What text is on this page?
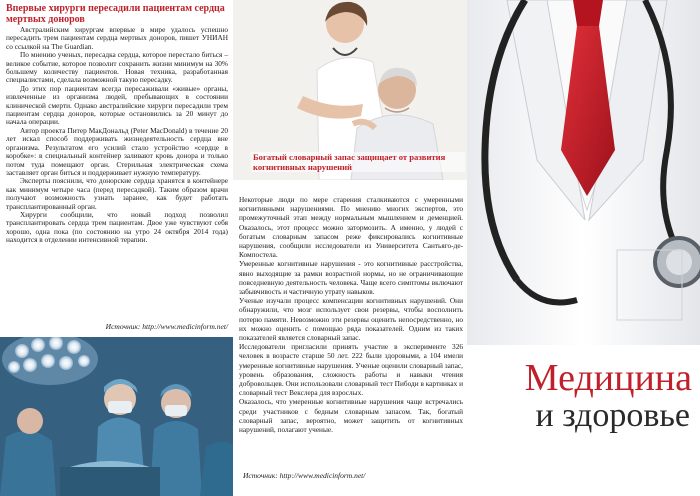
Впервые хирурги пересадили пациентам сердца мертвых доноров

Австралийским хирургам впервые в мире удалось успешно пересадить трем пациентам сердца мертвых доноров, пишет УНИАН со ссылкой на The Guardian.

По мнению ученых, пересадка сердца, которое перестало биться – великое событие, которое позволит сохранить жизни минимум на 30% большему количеству пациентов. Новая техника, разработанная специалистами, сделала возможной такую пересадку.

До этих пор пациентам всегда пересаживали «живые» органы, извлеченные из организма людей, пребывающих в состоянии клинической смерти. Однако австралийские хирурги пересадили трем пациентам сердца доноров, которые остановились за 20 минут до начала операции.

Автор проекта Питер МакДональд (Peter MacDonald) в течение 20 лет искал способ поддерживать жизнедеятельность сердца вне организма. Результатом его усилий стало устройство «сердце в коробке»: в специальный контейнер заливают кровь донора и только потом туда помещают орган. Стерильная электрическая схема заставляет орган биться и поддерживает нужную температуру.

Эксперты пояснили, что донорские сердца хранятся в контейнере как минимум четыре часа (перед пересадкой). Таким образом врачи получают возможность узнать заранее, как будет работать трансплантированный орган.

Хирурги сообщили, что новый подход позволил трансплантировать сердца трем пациентам. Двое уже чувствуют себя хорошо, одна пока (по состоянию на утро 24 октября 2014 года) находится в отделении интенсивной терапии.

Источник: http://www.medicinform.net/
Богатый словарный запас защищает от развития когнитивных нарушений

Некоторые люди по мере старения сталкиваются с умеренными когнитивными нарушениями. По мнению многих экспертов, это промежуточный этап между нормальным мышлением и деменцией. Оказалось, этот процесс можно затормозить. А именно, у людей с богатым словарным запасом реже фиксировались когнитивные нарушения, сообщили исследователи из Университета Сантьяго-де-Компостела.

Умеренные когнитивные нарушения - это когнитивные расстройства, явно выходящие за рамки возрастной нормы, но не ограничивающие повседневную деятельность человека. Чаще всего симптомы включают забывчивость и частичную утрату навыков.

Ученые изучали процесс компенсации когнитивных нарушений. Они обнаружили, что мозг использует свои резервы, чтобы восполнить потерю памяти. Невозможно эти резервы оценить непосредственно, но их можно оценить с помощью ряда показателей. Одним из таких показателей является словарный запас.

Исследователи пригласили принять участие в эксперименте 326 человек в возрасте старше 50 лет. 222 были здоровыми, а 104 имели умеренные когнитивные нарушения. Ученые оценили словарный запас, уровень образования, сложность работы и навыки чтения добровольцев. Они использовали словарный тест Пибоди в картинках и словарный тест Векслера для взрослых.

Оказалось, что умеренные когнитивные нарушения чаще встречались среди участников с бедным словарным запасом. Так, богатый словарный запас, вероятно, может защитить от когнитивных нарушений, полагают ученые.

Источник: http://www.medicinform.net/
Медицина
и здоровье
